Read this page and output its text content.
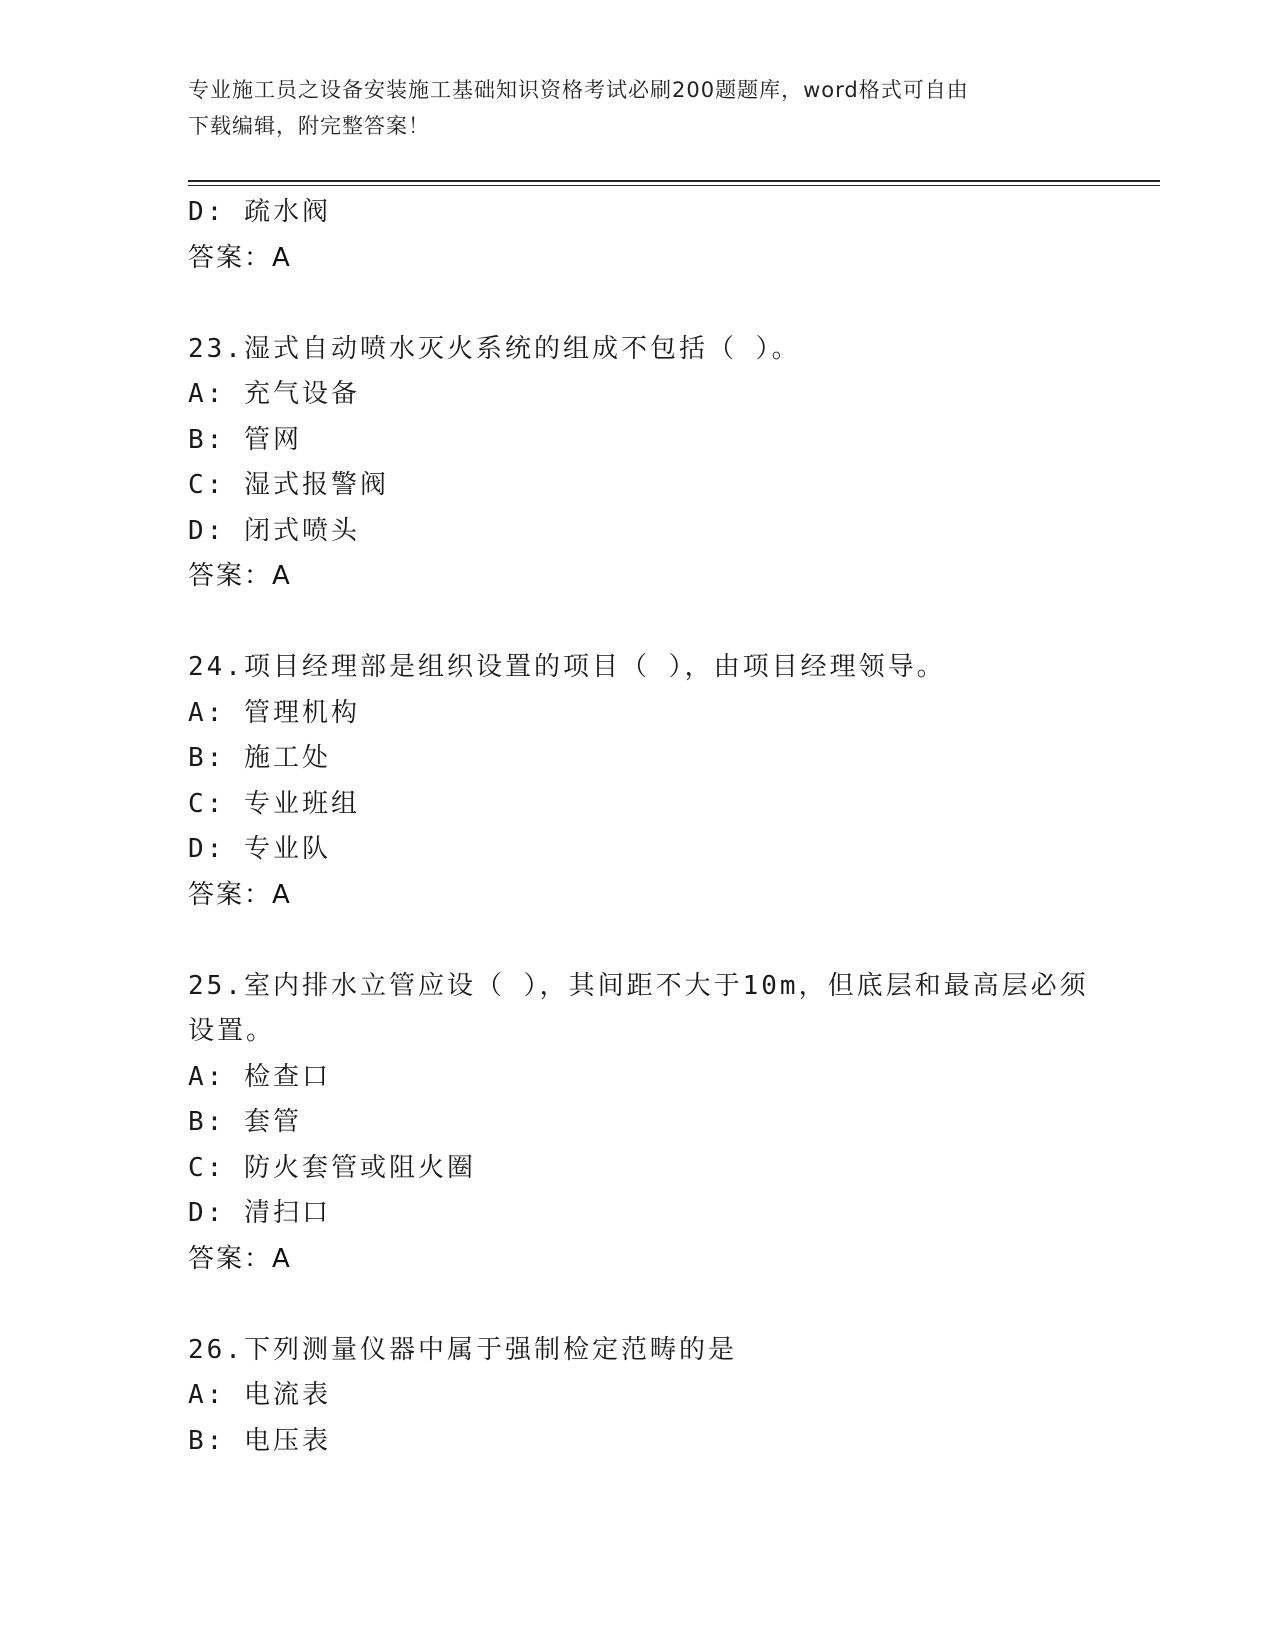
专业施工员之设备安装施工基础知识资格考试必刷200题题库，word格式可自由
下载编辑，附完整答案！
D: 疏水阀
答案：A
23.湿式自动喷水灭火系统的组成不包括（ ）。
A: 充气设备
B: 管网
C: 湿式报警阀
D: 闭式喷头
答案：A
24.项目经理部是组织设置的项目（ ），由项目经理领导。
A: 管理机构
B: 施工处
C: 专业班组
D: 专业队
答案：A
25.室内排水立管应设（ ），其间距不大于10m，但底层和最高层必须
设置。
A: 检查口
B: 套管
C: 防火套管或阻火圈
D: 清扫口
答案：A
26.下列测量仪器中属于强制检定范畴的是
A: 电流表
B: 电压表
